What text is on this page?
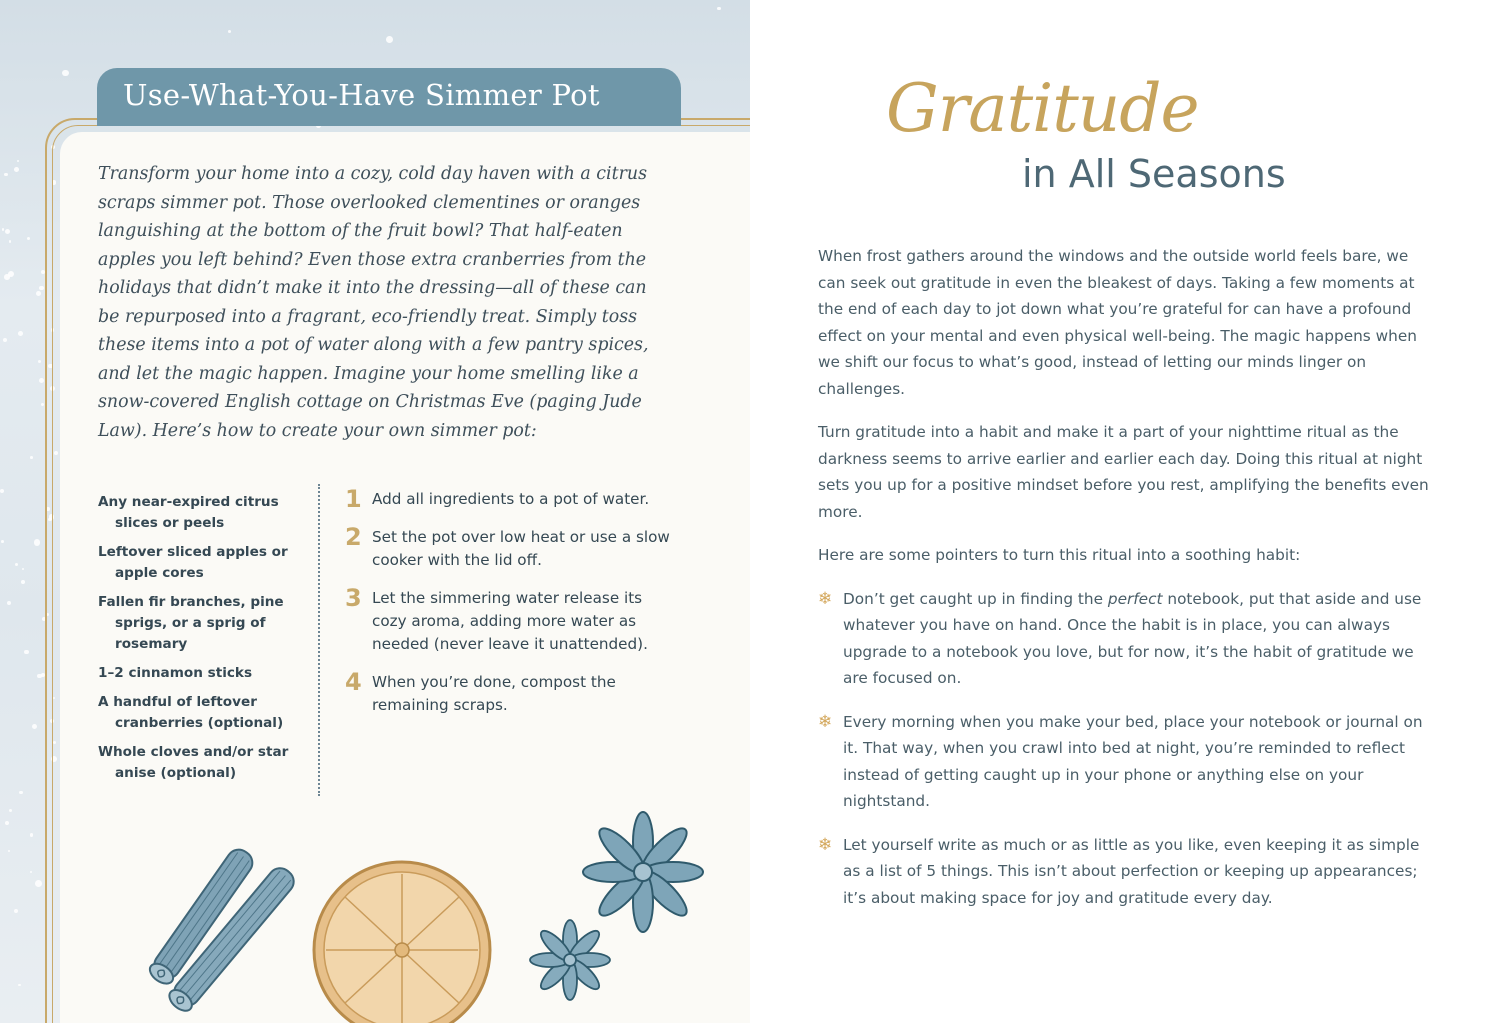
Use-What-You-Have Simmer Pot

Transform your home into a cozy, cold day haven with a citrus scraps simmer pot. Those overlooked clementines or oranges languishing at the bottom of the fruit bowl? That half-eaten apples you left behind? Even those extra cranberries from the holidays that didn’t make it into the dressing—all of these can be repurposed into a fragrant, eco-friendly treat. Simply toss these items into a pot of water along with a few pantry spices, and let the magic happen. Imagine your home smelling like a snow-covered English cottage on Christmas Eve (paging Jude Law). Here’s how to create your own simmer pot:

Any near-expired citrus slices or peels
Leftover sliced apples or apple cores
Fallen fir branches, pine sprigs, or a sprig of rosemary
1–2 cinnamon sticks
A handful of leftover cranberries (optional)
Whole cloves and/or star anise (optional)
1 Add all ingredients to a pot of water.
2 Set the pot over low heat or use a slow cooker with the lid off.
3 Let the simmering water release its cozy aroma, adding more water as needed (never leave it unattended).
4 When you’re done, compost the remaining scraps.
Gratitude
in All Seasons

When frost gathers around the windows and the outside world feels bare, we can seek out gratitude in even the bleakest of days. Taking a few moments at the end of each day to jot down what you’re grateful for can have a profound effect on your mental and even physical well-being. The magic happens when we shift our focus to what’s good, instead of letting our minds linger on challenges.

Turn gratitude into a habit and make it a part of your nighttime ritual as the darkness seems to arrive earlier and earlier each day. Doing this ritual at night sets you up for a positive mindset before you rest, amplifying the benefits even more.

Here are some pointers to turn this ritual into a soothing habit:

❄ Don’t get caught up in finding the perfect notebook, put that aside and use whatever you have on hand. Once the habit is in place, you can always upgrade to a notebook you love, but for now, it’s the habit of gratitude we are focused on.
❄ Every morning when you make your bed, place your notebook or journal on it. That way, when you crawl into bed at night, you’re reminded to reflect instead of getting caught up in your phone or anything else on your nightstand.
❄ Let yourself write as much or as little as you like, even keeping it as simple as a list of 5 things. This isn’t about perfection or keeping up appearances; it’s about making space for joy and gratitude every day.
